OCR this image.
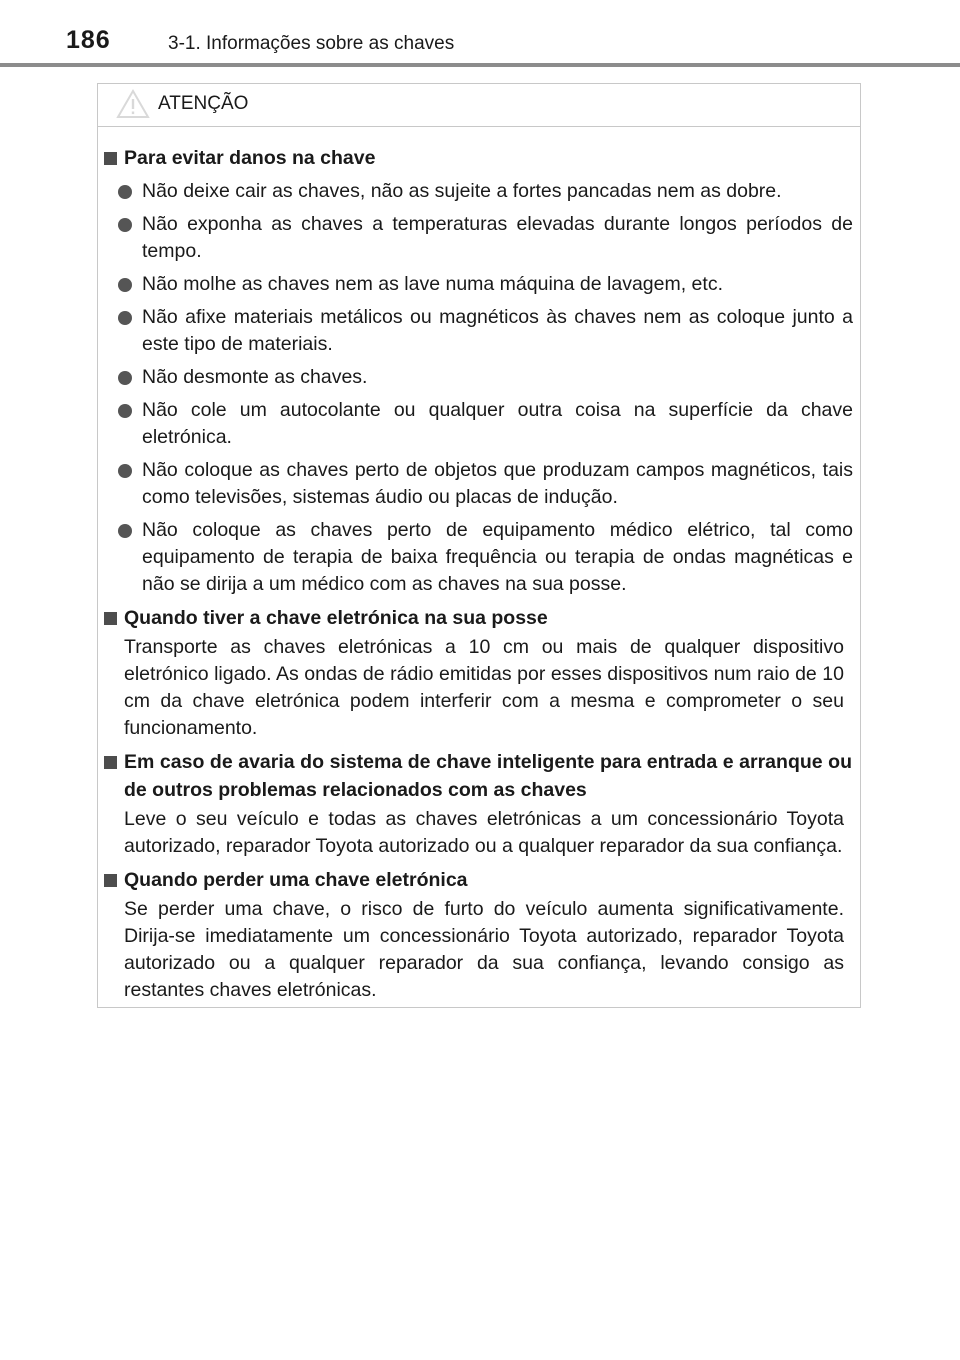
186	3-1. Informações sobre as chaves
ATENÇÃO
Para evitar danos na chave
Não deixe cair as chaves, não as sujeite a fortes pancadas nem as dobre.
Não exponha as chaves a temperaturas elevadas durante longos períodos de tempo.
Não molhe as chaves nem as lave numa máquina de lavagem, etc.
Não afixe materiais metálicos ou magnéticos às chaves nem as coloque junto a este tipo de materiais.
Não desmonte as chaves.
Não cole um autocolante ou qualquer outra coisa na superfície da chave eletrónica.
Não coloque as chaves perto de objetos que produzam campos magnéticos, tais como televisões, sistemas áudio ou placas de indução.
Não coloque as chaves perto de equipamento médico elétrico, tal como equipamento de terapia de baixa frequência ou terapia de ondas magnéticas e não se dirija a um médico com as chaves na sua posse.
Quando tiver a chave eletrónica na sua posse
Transporte as chaves eletrónicas a 10 cm ou mais de qualquer dispositivo eletrónico ligado. As ondas de rádio emitidas por esses dispositivos num raio de 10 cm da chave eletrónica podem interferir com a mesma e comprometer o seu funcionamento.
Em caso de avaria do sistema de chave inteligente para entrada e arranque ou de outros problemas relacionados com as chaves
Leve o seu veículo e todas as chaves eletrónicas a um concessionário Toyota autorizado, reparador Toyota autorizado ou a qualquer reparador da sua confiança.
Quando perder uma chave eletrónica
Se perder uma chave, o risco de furto do veículo aumenta significativamente. Dirija-se imediatamente um concessionário Toyota autorizado, reparador Toyota autorizado ou a qualquer reparador da sua confiança, levando consigo as restantes chaves eletrónicas.
